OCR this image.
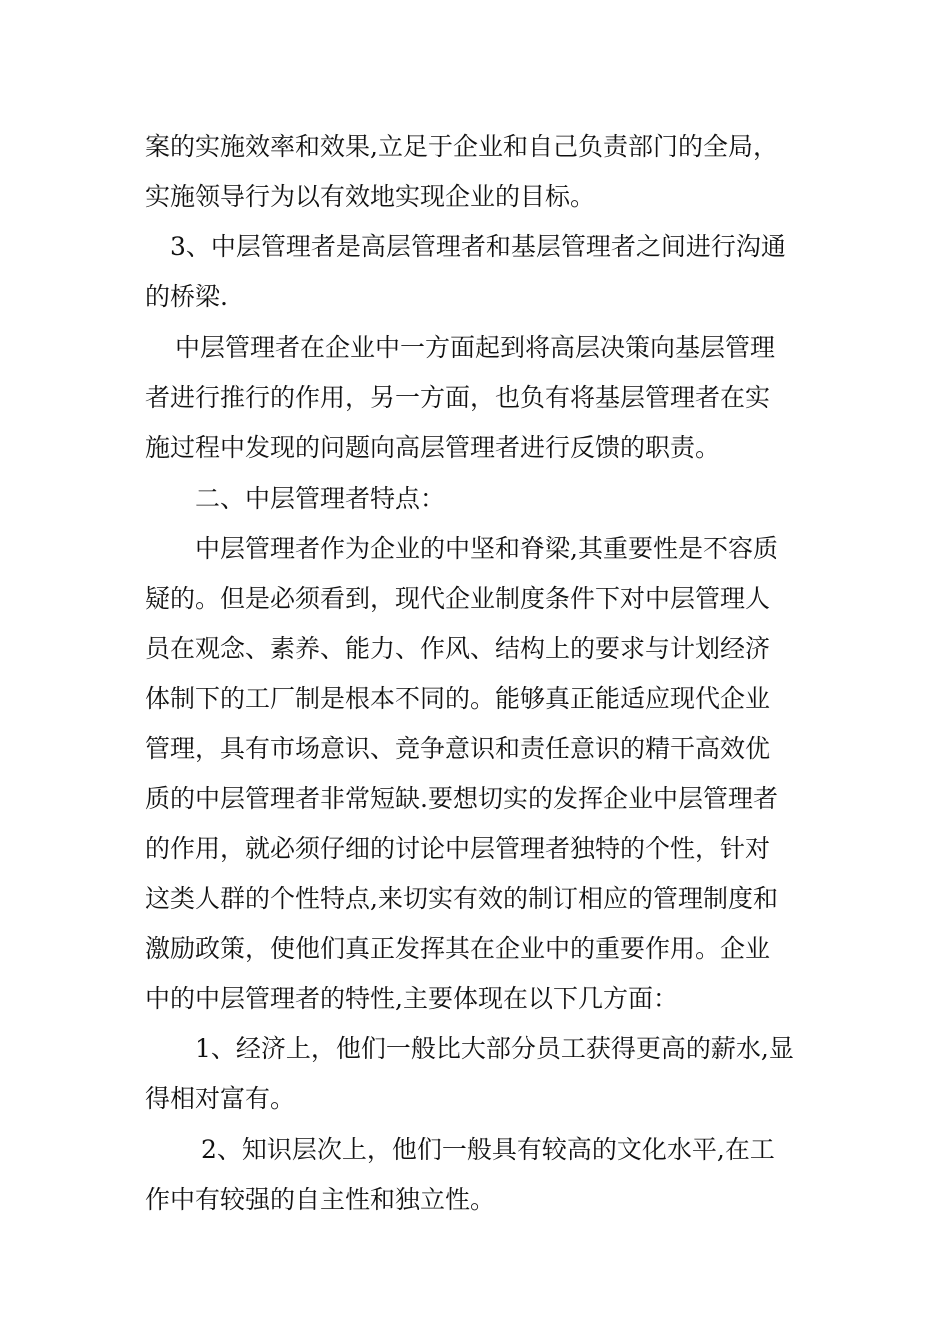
案的实施效率和效果,立足于企业和自己负责部门的全局，
实施领导行为以有效地实现企业的目标。
3、中层管理者是高层管理者和基层管理者之间进行沟通
的桥梁.
中层管理者在企业中一方面起到将高层决策向基层管理
者进行推行的作用，另一方面，也负有将基层管理者在实
施过程中发现的问题向高层管理者进行反馈的职责。
二、中层管理者特点：
中层管理者作为企业的中坚和脊梁,其重要性是不容质
疑的。但是必须看到，现代企业制度条件下对中层管理人
员在观念、素养、能力、作风、结构上的要求与计划经济
体制下的工厂制是根本不同的。能够真正能适应现代企业
管理，具有市场意识、竞争意识和责任意识的精干高效优
质的中层管理者非常短缺.要想切实的发挥企业中层管理者
的作用，就必须仔细的讨论中层管理者独特的个性，针对
这类人群的个性特点,来切实有效的制订相应的管理制度和
激励政策，使他们真正发挥其在企业中的重要作用。企业
中的中层管理者的特性,主要体现在以下几方面：
1、经济上，他们一般比大部分员工获得更高的薪水,显
得相对富有。
2、知识层次上，他们一般具有较高的文化水平,在工
作中有较强的自主性和独立性。
